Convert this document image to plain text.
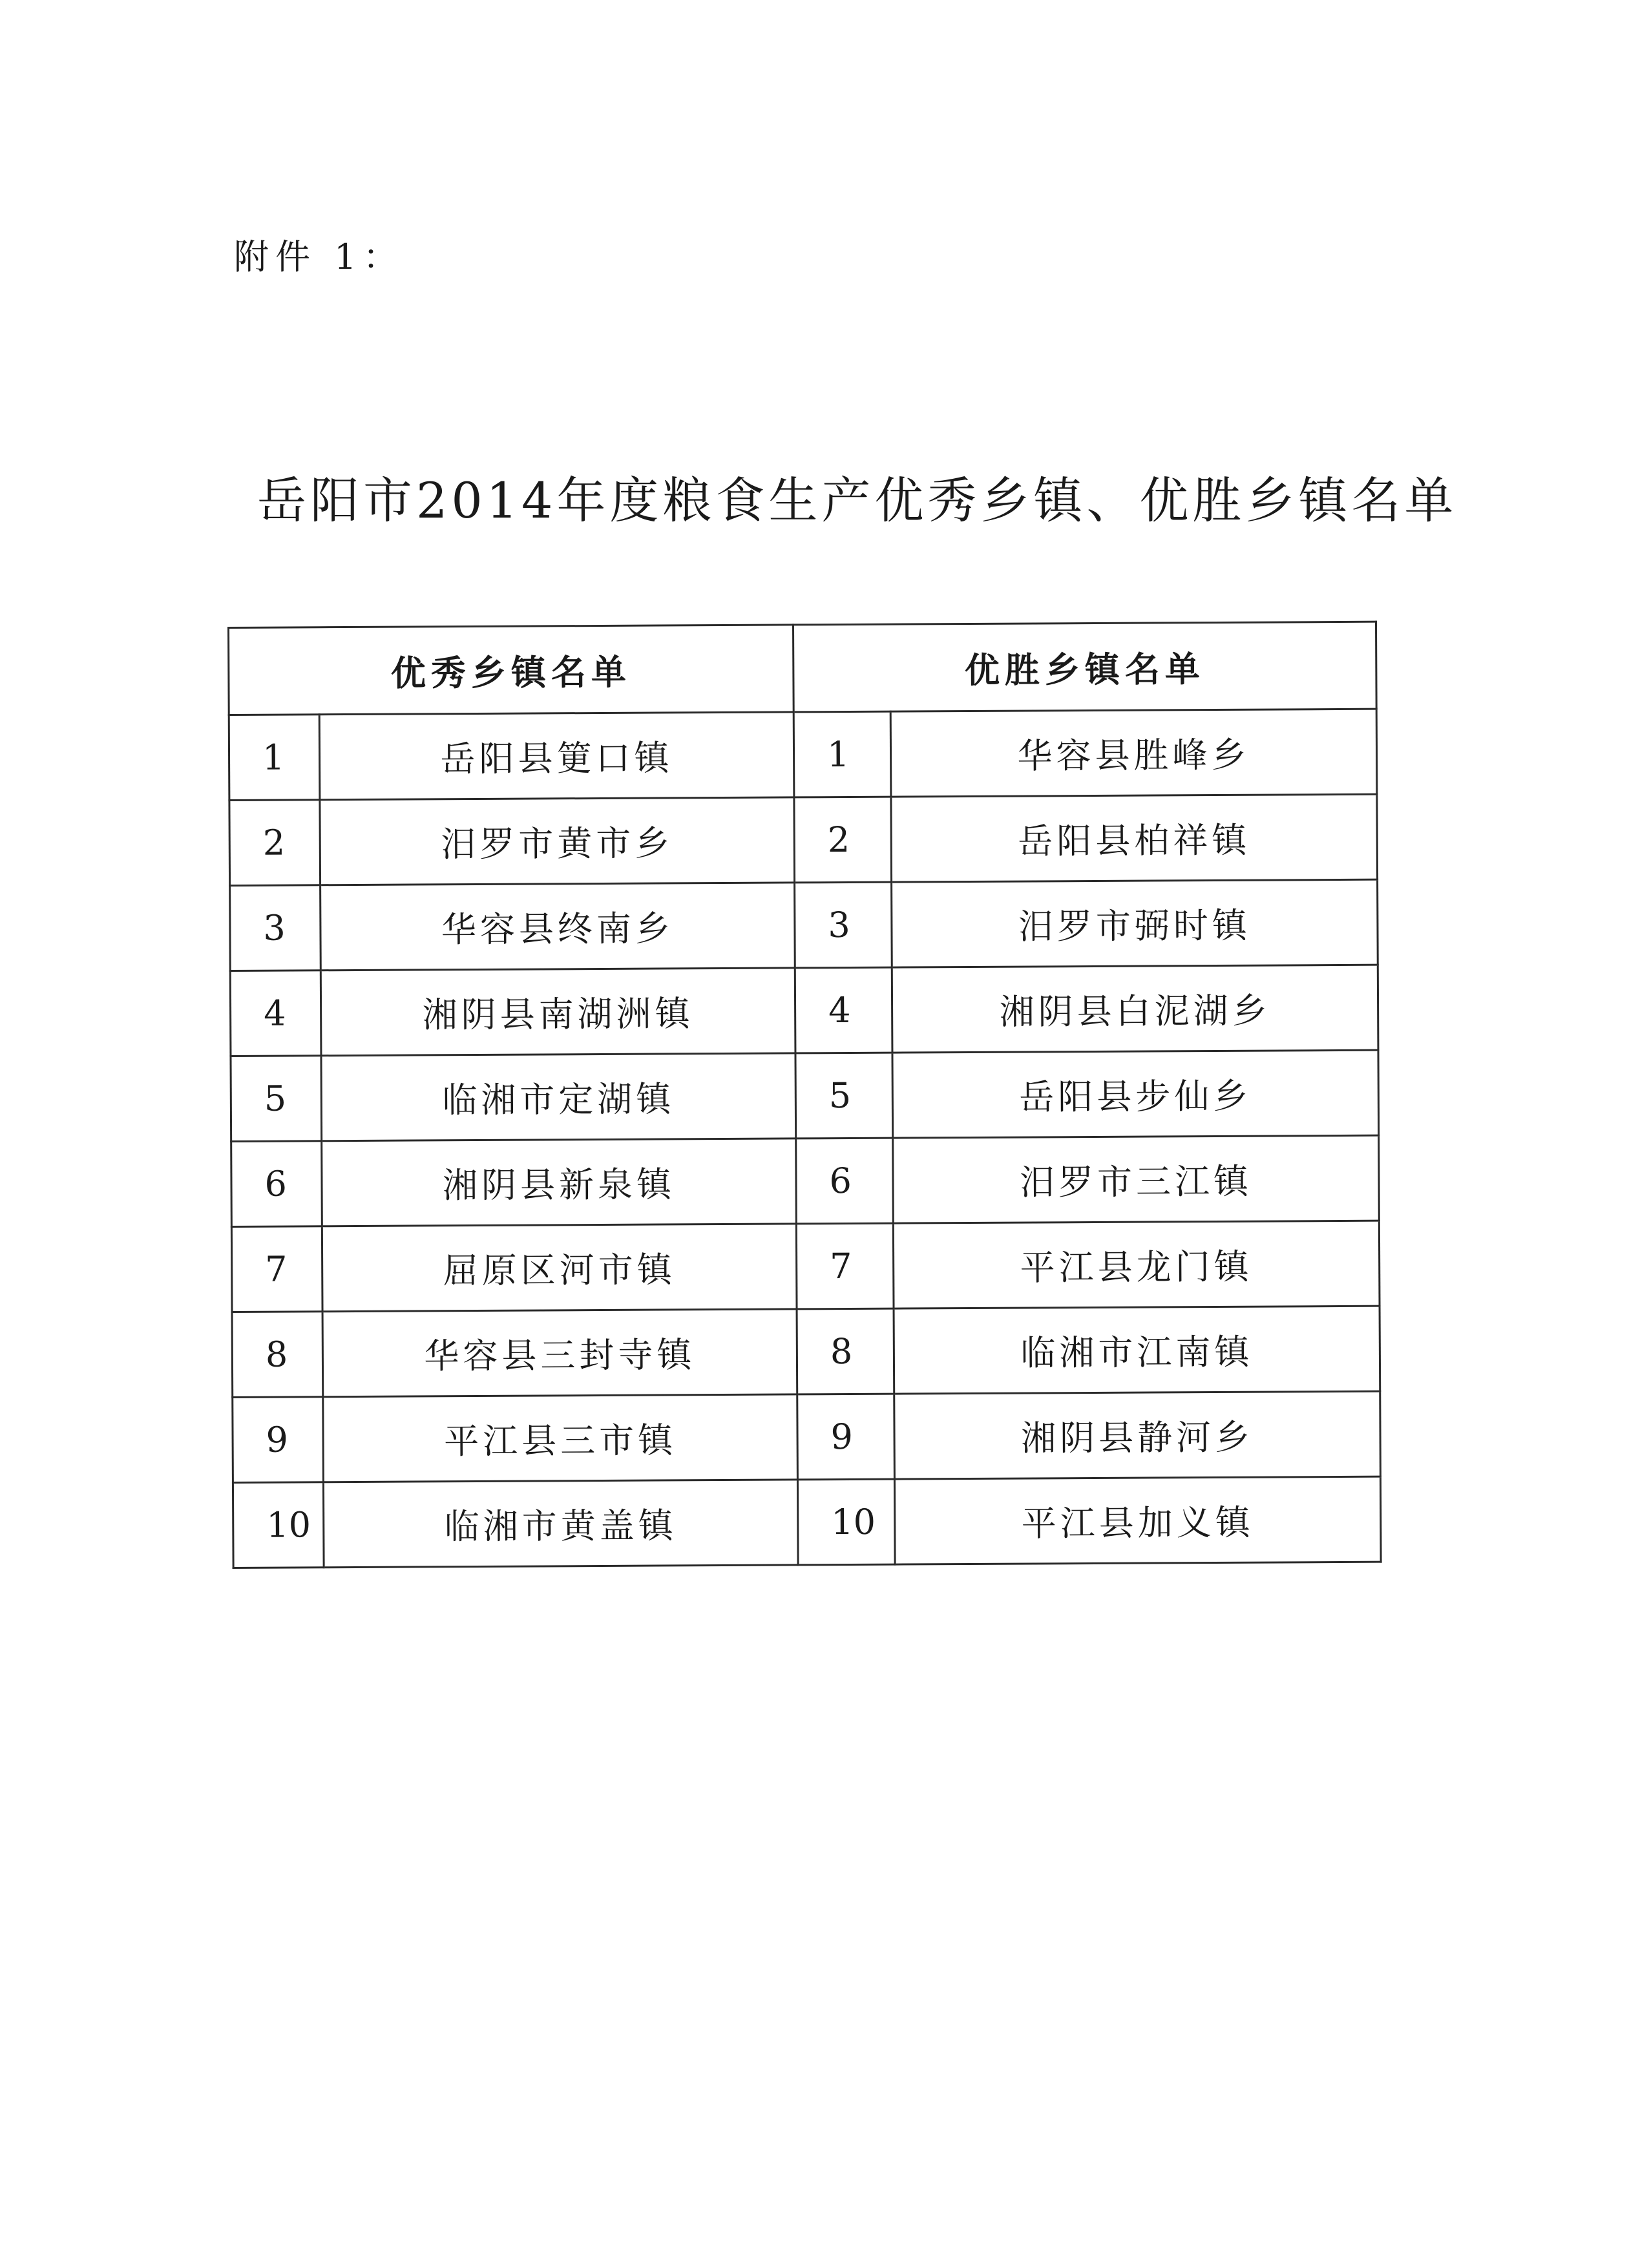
附件 1：
岳阳市2014年度粮食生产优秀乡镇、优胜乡镇名单
优秀乡镇名单		优胜乡镇名单	
1	岳阳县筻口镇	1	华容县胜峰乡
2	汨罗市黄市乡	2	岳阳县柏祥镇
3	华容县终南乡	3	汨罗市弼时镇
4	湘阴县南湖洲镇	4	湘阴县白泥湖乡
5	临湘市定湖镇	5	岳阳县步仙乡
6	湘阴县新泉镇	6	汨罗市三江镇
7	屈原区河市镇	7	平江县龙门镇
8	华容县三封寺镇	8	临湘市江南镇
9	平江县三市镇	9	湘阴县静河乡
10	临湘市黄盖镇	10	平江县加义镇
